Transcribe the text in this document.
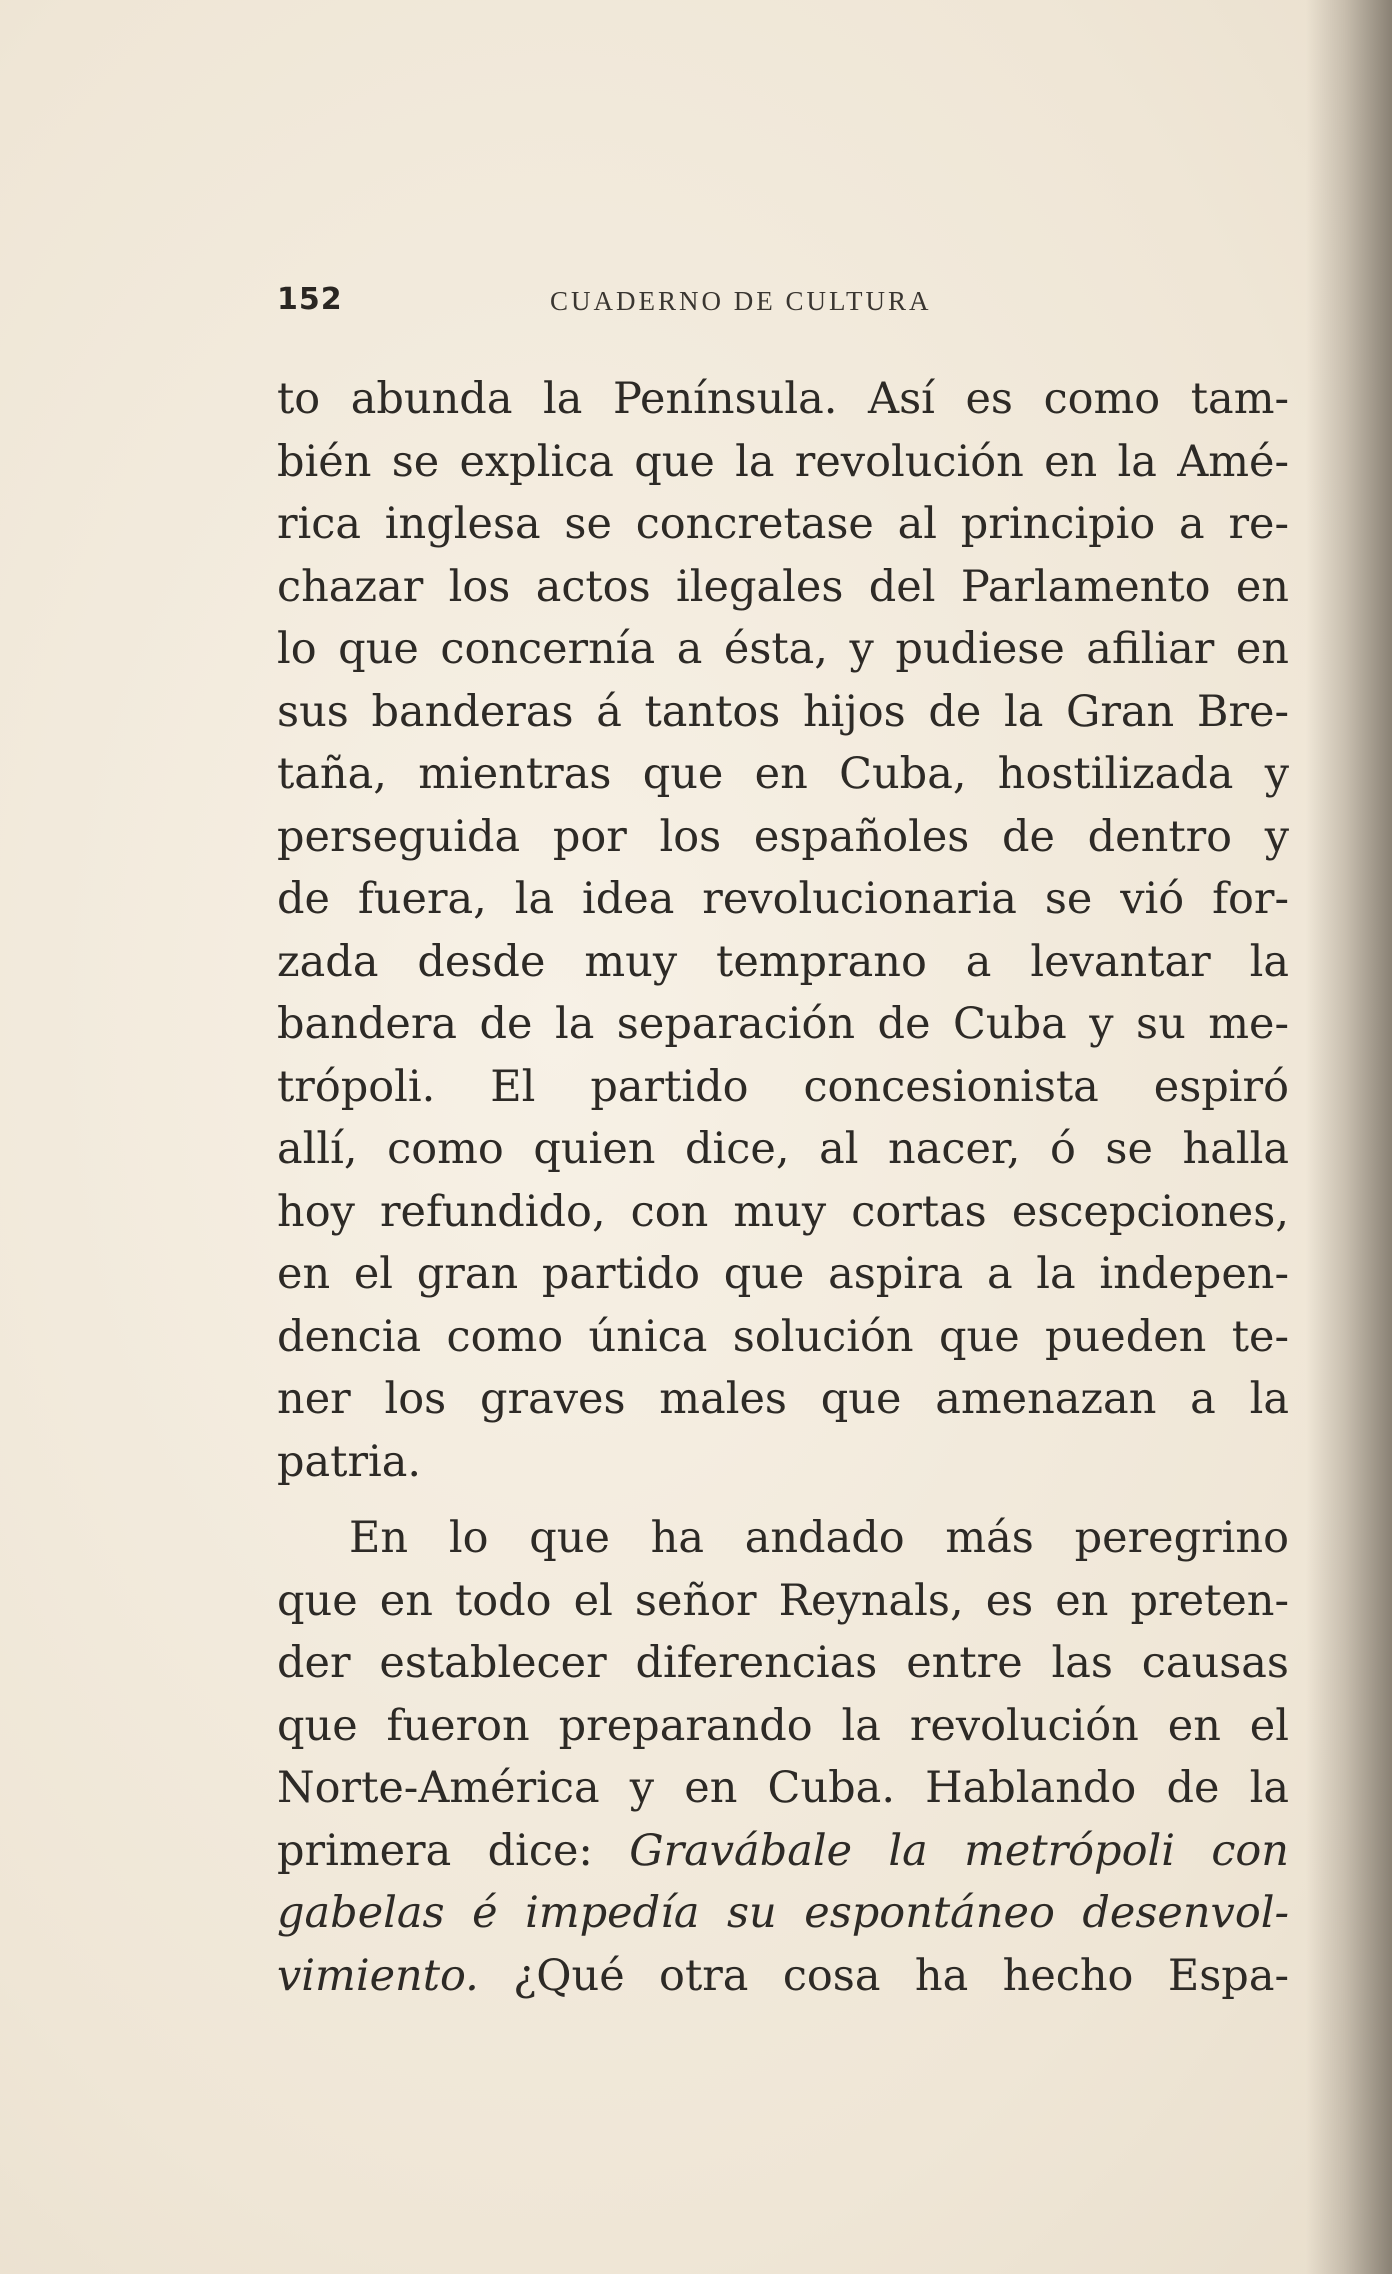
152	CUADERNO DE CULTURA
to abunda la Península. Así es como tam-
bién se explica que la revolución en la Amé-
rica inglesa se concretase al principio a re-
chazar los actos ilegales del Parlamento en
lo que concernía a ésta, y pudiese afiliar en
sus banderas á tantos hijos de la Gran Bre-
taña, mientras que en Cuba, hostilizada y
perseguida por los españoles de dentro y
de fuera, la idea revolucionaria se vió for-
zada desde muy temprano a levantar la
bandera de la separación de Cuba y su me-
trópoli. El partido concesionista espiró
allí, como quien dice, al nacer, ó se halla
hoy refundido, con muy cortas escepciones,
en el gran partido que aspira a la indepen-
dencia como única solución que pueden te-
ner los graves males que amenazan a la
patria.
En lo que ha andado más peregrino
que en todo el señor Reynals, es en preten-
der establecer diferencias entre las causas
que fueron preparando la revolución en el
Norte-América y en Cuba. Hablando de la
primera dice: Gravábale la metrópoli con
gabelas é impedía su espontáneo desenvol-
vimiento. ¿Qué otra cosa ha hecho Espa-
